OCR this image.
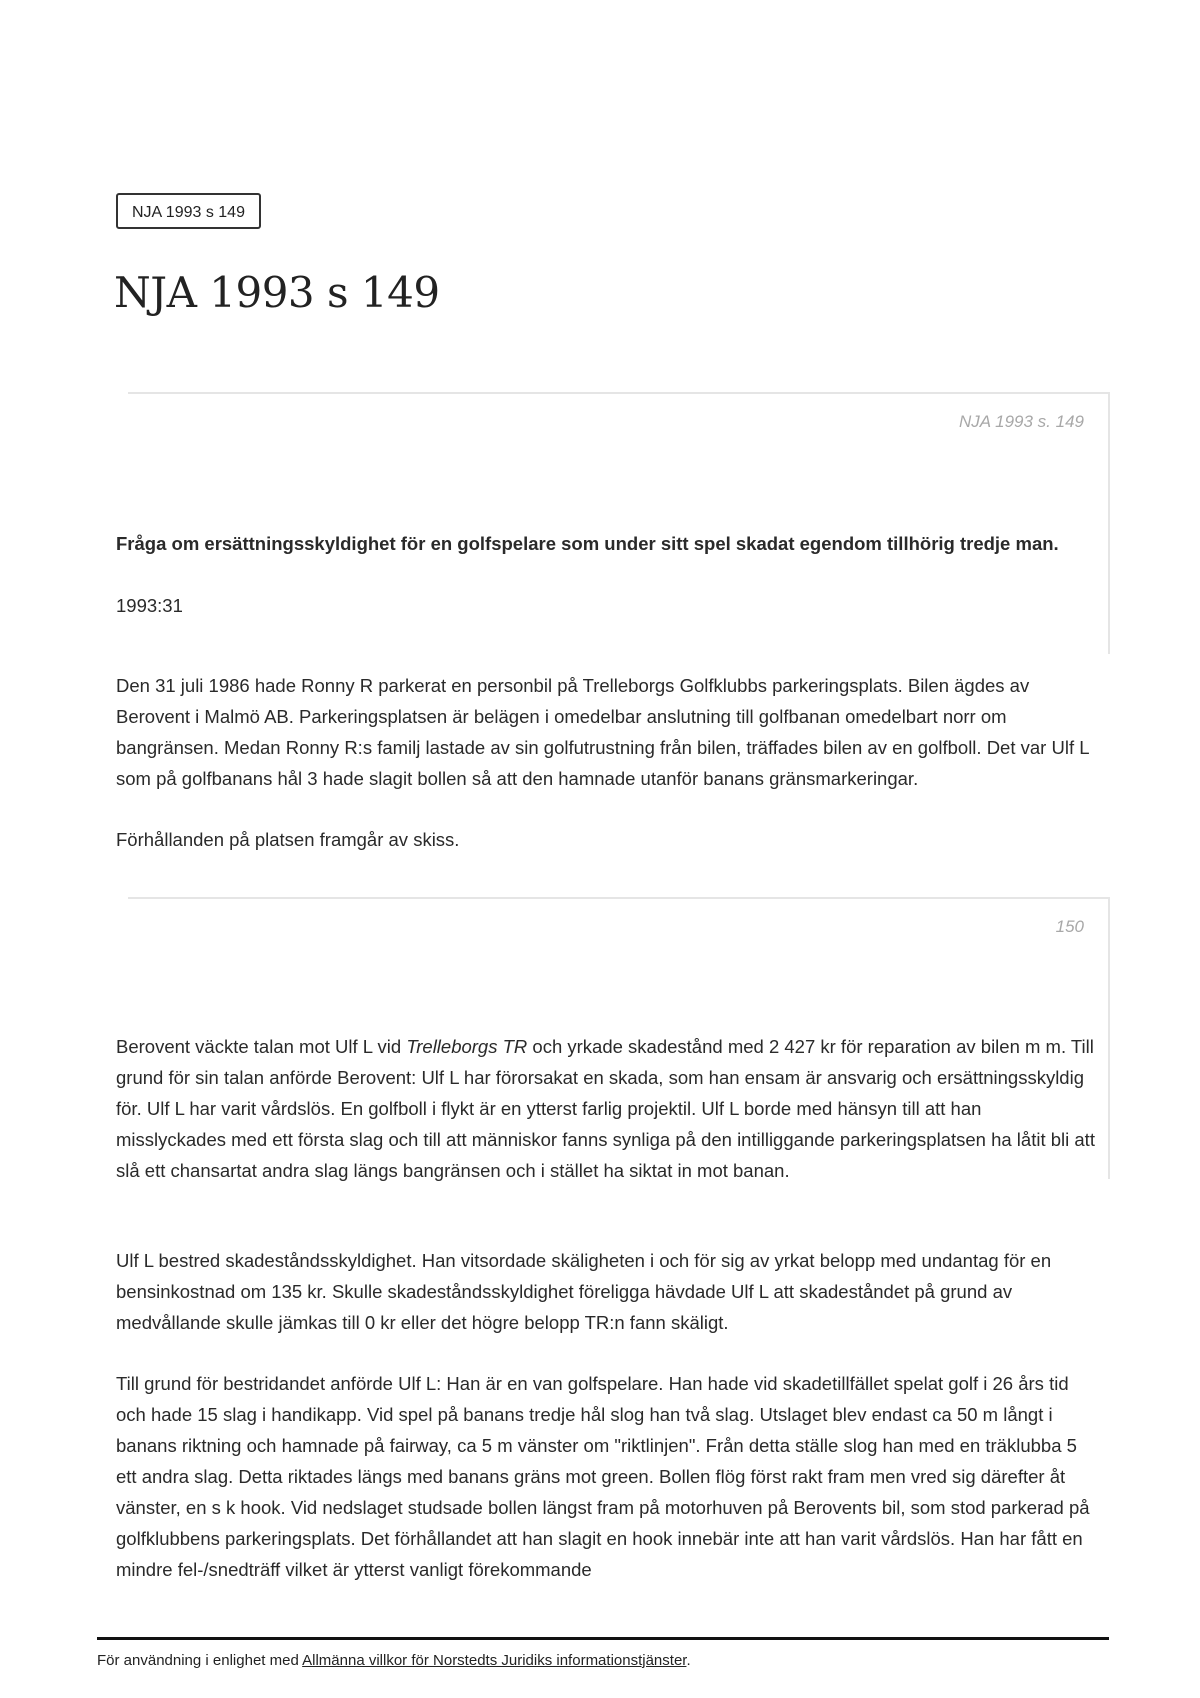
NJA 1993 s 149
NJA 1993 s 149
NJA 1993 s. 149
150

Fråga om ersättningsskyldighet för en golfspelare som under sitt spel skadat egendom tillhörig tredje man.

1993:31

Den 31 juli 1986 hade Ronny R parkerat en personbil på Trelleborgs Golfklubbs parkeringsplats. Bilen ägdes av Berovent i Malmö AB. Parkeringsplatsen är belägen i omedelbar anslutning till golfbanan omedelbart norr om bangränsen. Medan Ronny R:s familj lastade av sin golfutrustning från bilen, träffades bilen av en golfboll. Det var Ulf L som på golfbanans hål 3 hade slagit bollen så att den hamnade utanför banans gränsmarkeringar.

Förhållanden på platsen framgår av skiss.

Berovent väckte talan mot Ulf L vid Trelleborgs TR och yrkade skadestånd med 2 427 kr för reparation av bilen m m. Till grund för sin talan anförde Berovent: Ulf L har förorsakat en skada, som han ensam är ansvarig och ersättningsskyldig för. Ulf L har varit vårdslös. En golfboll i flykt är en ytterst farlig projektil. Ulf L borde med hänsyn till att han misslyckades med ett första slag och till att människor fanns synliga på den intilliggande parkeringsplatsen ha låtit bli att slå ett chansartat andra slag längs bangränsen och i stället ha siktat in mot banan.

Ulf L bestred skadeståndsskyldighet. Han vitsordade skäligheten i och för sig av yrkat belopp med undantag för en bensinkostnad om 135 kr. Skulle skadeståndsskyldighet föreligga hävdade Ulf L att skadeståndet på grund av medvållande skulle jämkas till 0 kr eller det högre belopp TR:n fann skäligt.

Till grund för bestridandet anförde Ulf L: Han är en van golfspelare. Han hade vid skadetillfället spelat golf i 26 års tid och hade 15 slag i handikapp. Vid spel på banans tredje hål slog han två slag. Utslaget blev endast ca 50 m långt i banans riktning och hamnade på fairway, ca 5 m vänster om "riktlinjen". Från detta ställe slog han med en träklubba 5 ett andra slag. Detta riktades längs med banans gräns mot green. Bollen flög först rakt fram men vred sig därefter åt vänster, en s k hook. Vid nedslaget studsade bollen längst fram på motorhuven på Berovents bil, som stod parkerad på golfklubbens parkeringsplats. Det förhållandet att han slagit en hook innebär inte att han varit vårdslös. Han har fått en mindre fel-/snedträff vilket är ytterst vanligt förekommande

För användning i enlighet med Allmänna villkor för Norstedts Juridiks informationstjänster.
